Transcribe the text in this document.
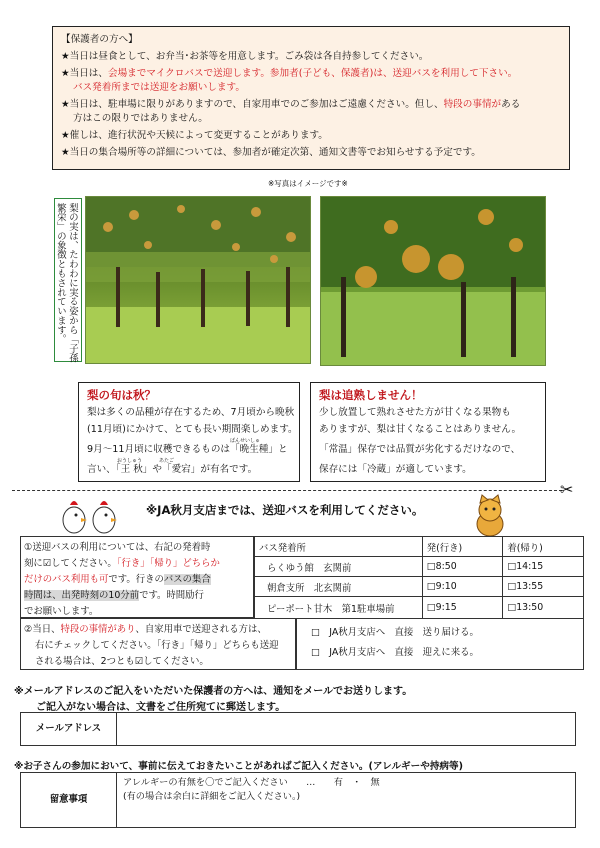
【保護者の方へ】
★当日は昼食として、お弁当･お茶等を用意します。ごみ袋は各自持参してください。
★当日は、会場までマイクロバスで送迎します。参加者(子ども、保護者)は、送迎バスを利用して下さい。
バス発着所までは送迎をお願いします。
★当日は、駐車場に限りがありますので、自家用車でのご参加はご遠慮ください。但し、特段の事情がある
方はこの限りではありません。
★催しは、進行状況や天候によって変更することがあります。
★当日の集合場所等の詳細については、参加者が確定次第、通知文書等でお知らせする予定です。
※写真はイメージです※
梨の実は、たわわに実る姿から「子孫
繁栄」の象徴ともされています。
梨の旬は秋？
梨は多くの品種が存在するため、7月頃から晩秋
(11月頃)にかけて、とても長い期間楽しめます。
ばんせいしゅ
9月～11月頃に収穫できるものは「晩生種」と
おうしゅう	あたご
言い、「王 秋」や「愛宕」が有名です。
梨は追熟しません！
少し放置して熟れさせた方が甘くなる果物も
ありますが、梨は甘くなることはありません。
「常温」保存では品質が劣化するだけなので、
保存には「冷蔵」が適しています。
✂
※JA秋月支店までは、送迎バスを利用してください。
①送迎バスの利用については、右記の発着時
刻に☑してください。「行き」「帰り」どちらか
だけのバス利用も可です。行きのバスの集合
時間は、出発時刻の10分前です。時間励行
でお願いします。
バス発着所	発(行き)	着(帰り)
らくゆう館　玄関前	□8:50	□14:15
朝倉支所　北玄関前	□9:10	□13:55
ピーポート甘木　第1駐車場前	□9:15	□13:50
②当日、特段の事情があり、自家用車で送迎される方は、
右にチェックしてください。「行き」「帰り」どちらも送迎
される場合は、2つとも☑してください。
□　JA秋月支店へ　直接　送り届ける。
□　JA秋月支店へ　直接　迎えに来る。
※メールアドレスのご記入をいただいた保護者の方へは、通知をメールでお送りします。
ご記入がない場合は、文書をご住所宛てに郵送します。
メールアドレス
※お子さんの参加において、事前に伝えておきたいことがあればご記入ください。(アレルギーや持病等)
留意事項
アレルギーの有無を〇でご記入ください　　…　　有　・　無
(有の場合は余白に詳細をご記入ください。)
